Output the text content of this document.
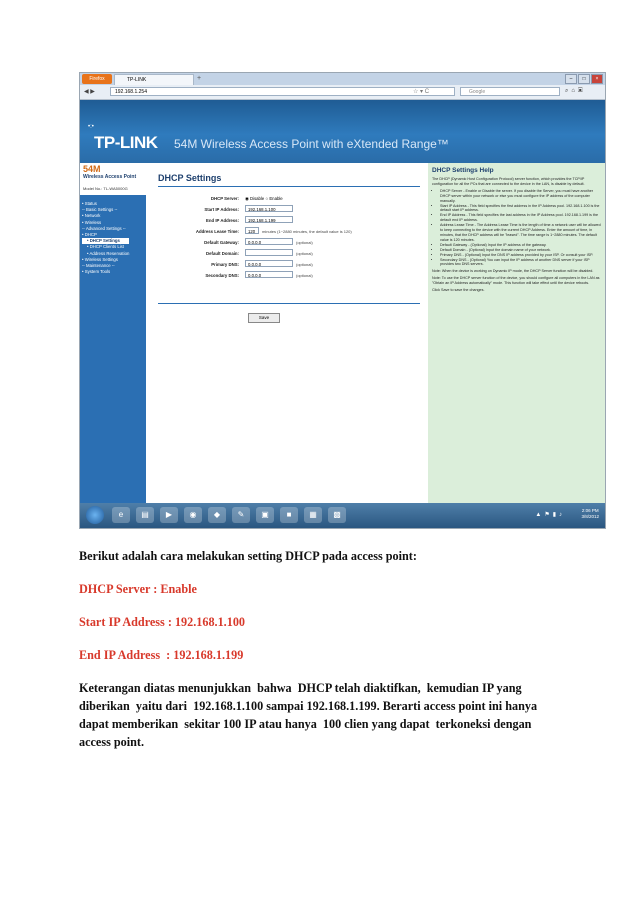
Firefox	TP-LINK	+	–	□	×
◀ ▶	192.168.1.254	☆ ▾ C	Google	⌕⌂▣
•:•
TP-LINK 54M Wireless Access Point with eXtended Range™
54M
Wireless Access Point
Model No.: TL-WA5000G
• Status
-- Basic Settings --
• Network
• Wireless
-- Advanced Settings --
• DHCP
• DHCP Settings
• DHCP Clients List
• Address Reservation
• Wireless Settings
-- Maintenance --
• System Tools
DHCP Settings
DHCP Server: ◉ Disable ○ Enable
Start IP Address:	192.168.1.100
End IP Address:	192.168.1.199
Address Lease Time:	120	minutes (1~2880 minutes, the default value is 120)
Default Gateway:	0.0.0.0	(optional)
Default Domain:	(optional)
Primary DNS:	0.0.0.0	(optional)
Secondary DNS:	0.0.0.0	(optional)
Save
DHCP Settings Help

The DHCP (Dynamic Host Configuration Protocol) server function, which provides the TCP/IP configuration for all the PCs that are connected to the device in the LAN, is disable by default.

• DHCP Server - Enable or Disable the server. If you disable the Server, you must have another DHCP server within your network or else you must configure the IP address of the computer manually.
• Start IP Address - This field specifies the first address in the IP Address pool. 192.168.1.100 is the default start IP address.
• End IP Address - This field specifies the last address in the IP Address pool. 192.168.1.199 is the default end IP address.
• Address Lease Time - The Address Lease Time is the length of time a network user will be allowed to keep connecting to the device with the current DHCP Address. Enter the amount of time, in minutes, that the DHCP address will be "leased". The time range is 1~2880 minutes. The default value is 120 minutes.
• Default Gateway - (Optional) Input the IP address of the gateway.
• Default Domain - (Optional) Input the domain name of your network.
• Primary DNS - (Optional) Input the DNS IP address provided by your ISP. Or consult your ISP.
• Secondary DNS - (Optional) You can input the IP address of another DNS server if your ISP provides two DNS servers.

Note: When the device is working on Dynamic IP mode, the DHCP Server function will be disabled.

Note: To use the DHCP server function of the device, you should configure all computers in the LAN as "Obtain an IP Address automatically" mode. This function will take effect until the device reboots.

Click Save to save the changes.

e	▤	▶	◉	◆	✎	▣	■	▦	▩	▲⚑▮♪
2:06 PM
3/8/2012
Berikut adalah cara melakukan setting DHCP pada access point:
DHCP Server : Enable
Start IP Address : 192.168.1.100
End IP Address  : 192.168.1.199
Keterangan diatas menunjukkan  bahwa  DHCP telah diaktifkan,  kemudian IP yang
diberikan  yaitu dari  192.168.1.100 sampai 192.168.1.199. Berarti access point ini hanya
dapat memberikan  sekitar 100 IP atau hanya  100 clien yang dapat  terkoneksi dengan
access point.
